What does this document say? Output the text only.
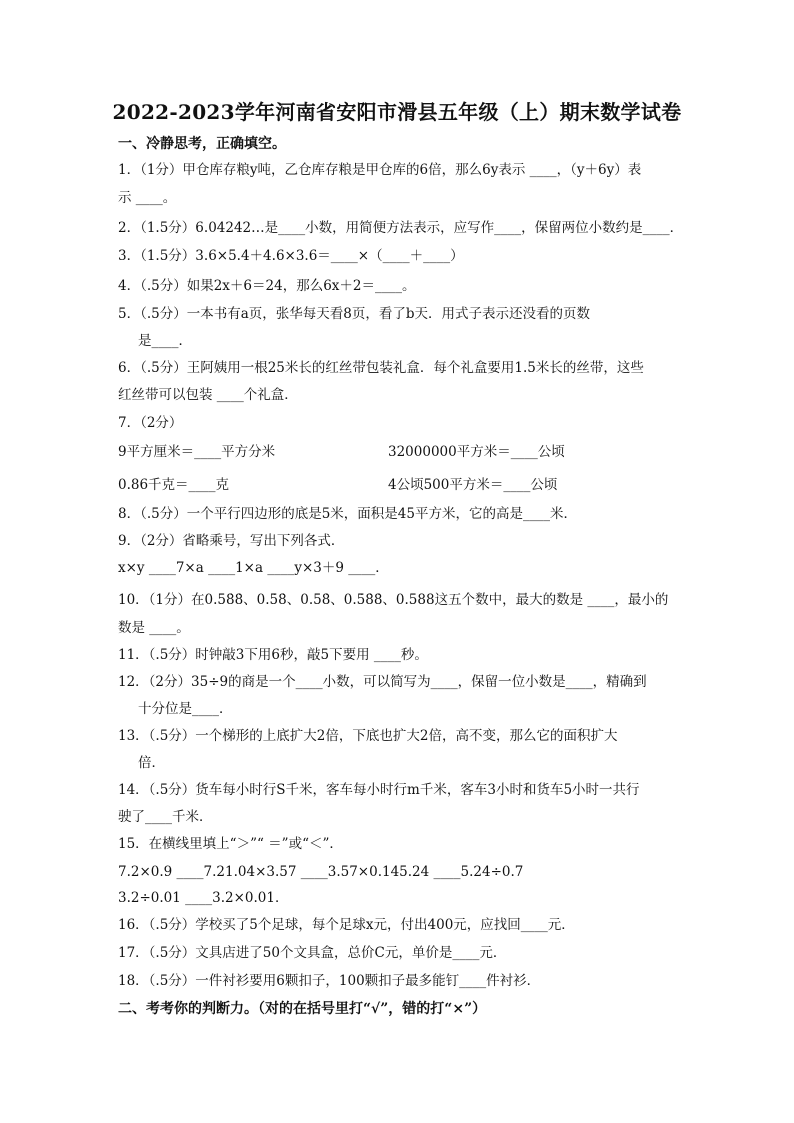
2022-2023学年河南省安阳市滑县五年级（上）期末数学试卷
一、冷静思考，正确填空。
1．（1分）甲仓库存粮y吨，乙仓库存粮是甲仓库的6倍，那么6y表示 ____，（y＋6y）表
示 ____。
2．（1.5分）6.04242…是____小数，用简便方法表示，应写作____，保留两位小数约是____．
3．（1.5分）3.6×5.4＋4.6×3.6＝____×（____＋____）
4．（.5分）如果2x＋6＝24，那么6x＋2＝____。
5．（.5分）一本书有a页，张华每天看8页，看了b天．用式子表示还没看的页数
是____．
6．（.5分）王阿姨用一根25米长的红丝带包装礼盒．每个礼盒要用1.5米长的丝带，这些
红丝带可以包装 ____个礼盒．
7．（2分）
9平方厘米＝____平方分米	32000000平方米＝____公顷
0.86千克＝____克	4公顷500平方米＝____公顷
8．（.5分）一个平行四边形的底是5米，面积是45平方米，它的高是____米．
9．（2分）省略乘号，写出下列各式．
x×y ____7×a ____1×a ____y×3＋9 ____．
10．（1分）在0.58̇8̇、0.5̇8̇、0.58̇、0.5̇8̇8̇、0.588这五个数中，最大的数是 ____，最小的
数是 ____。
11．（.5分）时钟敲3下用6秒，敲5下要用 ____秒。
12．（2分）35÷9的商是一个____小数，可以简写为____，保留一位小数是____，精确到
十分位是____．
13．（.5分）一个梯形的上底扩大2倍，下底也扩大2倍，高不变，那么它的面积扩大
倍．
14．（.5分）货车每小时行S千米，客车每小时行m千米，客车3小时和货车5小时一共行
驶了____千米．
15．在横线里填上“＞”“ ＝”或“＜”．
7.2×0.9 ____7.21.04×3.57 ____3.57×0.145.24 ____5.24÷0.7
3.2÷0.01 ____3.2×0.01．
16．（.5分）学校买了5个足球，每个足球x元，付出400元，应找回____元．
17．（.5分）文具店进了50个文具盒，总价C元，单价是____元．
18．（.5分）一件衬衫要用6颗扣子，100颗扣子最多能钉____件衬衫．
二、考考你的判断力。（对的在括号里打“√”，错的打“×”）
